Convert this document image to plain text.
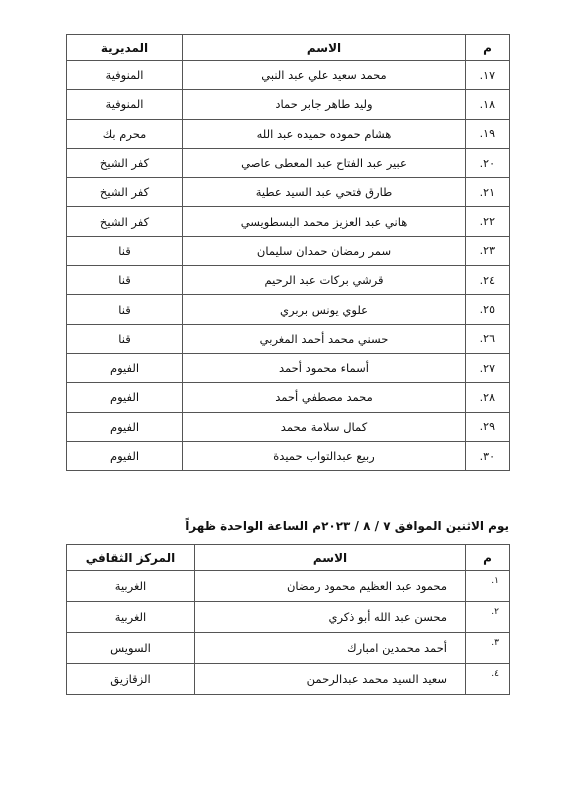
م	الاسم	المديرية
١٧.	محمد سعيد علي عبد النبي	المنوفية
١٨.	وليد طاهر جابر حماد	المنوفية
١٩.	هشام حموده حميده عبد الله	محرم بك
٢٠.	عبير عبد الفتاح عبد المعطى عاصي	كفر الشيخ
٢١.	طارق فتحي عبد السيد عطية	كفر الشيخ
٢٢.	هاني عبد العزيز محمد البسطويسي	كفر الشيخ
٢٣.	سمر رمضان حمدان سليمان	قنا
٢٤.	قرشي بركات عبد الرحيم	قنا
٢٥.	علوي يونس بربري	قنا
٢٦.	حسني محمد أحمد المغربي	قنا
٢٧.	أسماء محمود أحمد	الفيوم
٢٨.	محمد مصطفي أحمد	الفيوم
٢٩.	كمال سلامة محمد	الفيوم
٣٠.	ربيع عبدالتواب حميدة	الفيوم
يوم الاثنين الموافق ٧ / ٨ / ٢٠٢٣م الساعة الواحدة ظهراً
م	الاسم	المركز الثقافي
١.	محمود عبد العظيم محمود رمضان	الغربية
٢.	محسن عبد الله أبو ذكري	الغربية
٣.	أحمد محمدين امبارك	السويس
٤.	سعيد السيد محمد عبدالرحمن	الزقازيق
